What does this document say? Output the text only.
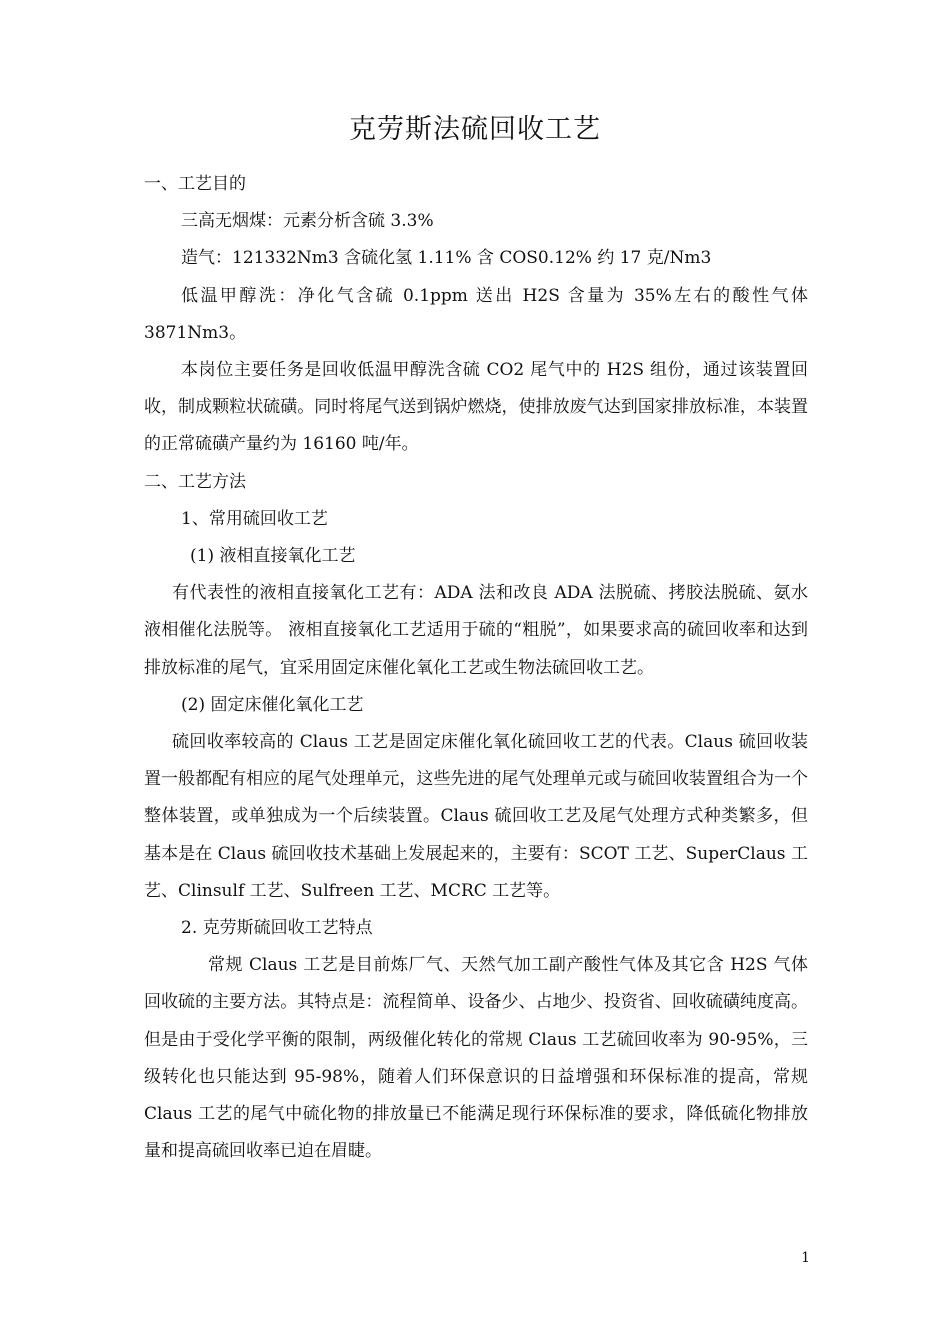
克劳斯法硫回收工艺

一、工艺目的

三高无烟煤：元素分析含硫 3.3%

造气：121332Nm3 含硫化氢 1.11% 含 COS0.12% 约 17 克/Nm3

低温甲醇洗：净化气含硫 0.1ppm 送出 H2S 含量为 35%左右的酸性气体 3871Nm3。

本岗位主要任务是回收低温甲醇洗含硫 CO2 尾气中的 H2S 组份，通过该装置回收，制成颗粒状硫磺。同时将尾气送到锅炉燃烧，使排放废气达到国家排放标准，本装置的正常硫磺产量约为 16160 吨/年。

二、工艺方法

1、常用硫回收工艺

(1) 液相直接氧化工艺

有代表性的液相直接氧化工艺有：ADA 法和改良 ADA 法脱硫、拷胶法脱硫、氨水液相催化法脱等。 液相直接氧化工艺适用于硫的“粗脱”，如果要求高的硫回收率和达到排放标准的尾气，宜采用固定床催化氧化工艺或生物法硫回收工艺。

(2) 固定床催化氧化工艺

硫回收率较高的 Claus 工艺是固定床催化氧化硫回收工艺的代表。Claus 硫回收装置一般都配有相应的尾气处理单元，这些先进的尾气处理单元或与硫回收装置组合为一个整体装置，或单独成为一个后续装置。Claus 硫回收工艺及尾气处理方式种类繁多，但基本是在 Claus 硫回收技术基础上发展起来的，主要有：SCOT 工艺、SuperClaus 工艺、Clinsulf 工艺、Sulfreen 工艺、MCRC 工艺等。

2. 克劳斯硫回收工艺特点

常规 Claus 工艺是目前炼厂气、天然气加工副产酸性气体及其它含 H2S 气体回收硫的主要方法。其特点是：流程简单、设备少、占地少、投资省、回收硫磺纯度高。但是由于受化学平衡的限制，两级催化转化的常规 Claus 工艺硫回收率为 90-95%，三级转化也只能达到 95-98%，随着人们环保意识的日益增强和环保标准的提高，常规 Claus 工艺的尾气中硫化物的排放量已不能满足现行环保标准的要求，降低硫化物排放量和提高硫回收率已迫在眉睫。

1
